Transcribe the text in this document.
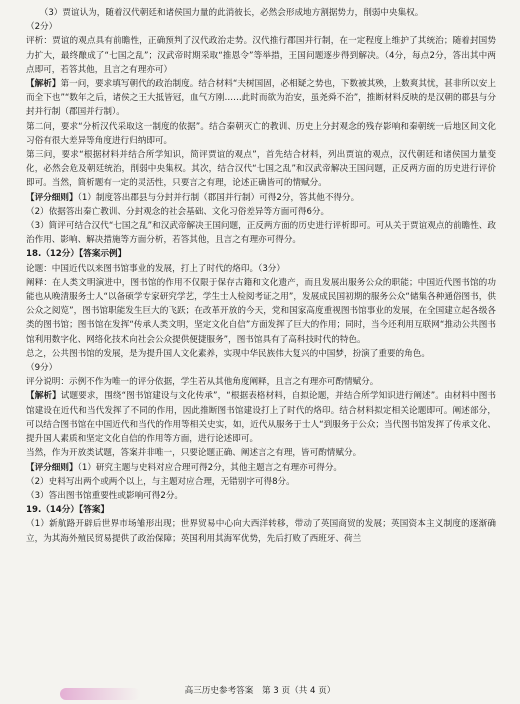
（3）贾谊认为，随着汉代朝廷和诸侯国力量的此消彼长，必然会形成地方割据势力，削弱中央集权。

（2分）

评析：贾谊的观点具有前瞻性，正确预判了汉代政治走势。汉代推行郡国并行制，在一定程度上维护了其统治；随着封国势力扩大，最终酿成了“七国之乱”；汉武帝时期采取“推恩令”等举措，王国问题逐步得到解决。（4分，每点2分，答出其中两点即可，若答其他，且言之有理亦可）

【解析】第一问，要求填写朝代的政治制度。结合材料“夫树国固，必相疑之势也，下数被其殃，上数爽其忧，甚非所以安上而全下也”“数年之后，诸侯之王大抵皆冠，血气方刚……此时而欲为治安，虽尧舜不治”，推断材料反映的是汉朝的郡县与分封并行制（郡国并行制）。

第二问，要求“分析汉代采取这一制度的依据”。结合秦朝灭亡的教训、历史上分封观念的残存影响和秦朝统一后地区间文化习俗有很大差异等角度进行归纳即可。

第三问，要求“根据材料并结合所学知识，简评贾谊的观点”，首先结合材料，列出贾谊的观点，汉代朝廷和诸侯国力量变化，必然会危及朝廷统治，削弱中央集权。其次，结合汉代“七国之乱”和汉武帝解决王国问题，正反两方面的历史进行评价即可。当然，简析题有一定的灵活性，只要言之有理，论述正确皆可的情赋分。

【评分细则】（1）制度答出郡县与分封并行制（郡国并行制）可得2分，答其他不得分。

（2）依据答出秦亡教训、分封观念的社会基础、文化习俗差异等方面可得6分。

（3）简评可结合汉代“七国之乱”和汉武帝解决王国问题，正反两方面的历史进行评析即可。可从关于贾谊观点的前瞻性、政治作用、影响、解决措施等方面分析，若答其他，且言之有理亦可得分。

18.（12分）【答案示例】

论题：中国近代以来图书馆事业的发展，打上了时代的烙印。（3分）

阐释：在人类文明演进中，图书馆的作用不仅限于保存古籍和文化遗产，而且发展出服务公众的职能；中国近代图书馆的功能也从晚清服务士人“以备硕学专家研究学艺，学生士人检阅考证之用”，发展成民国初期的服务公众“储集各种通俗图书，供公众之阅览”，图书馆职能发生巨大的飞跃；在改革开放的今天，党和国家高度重视图书馆事业的发展，在全国建立起各级各类的图书馆；图书馆在发挥“传承人类文明，坚定文化自信”方面发挥了巨大的作用；同时，当今还利用互联网“推动公共图书馆利用数字化、网络化技术向社会公众提供便捷服务”，图书馆具有了高科技时代的特色。

总之，公共图书馆的发展，是为提升国人文化素养，实现中华民族伟大复兴的中国梦，扮演了重要的角色。

（9分）

评分说明：示例不作为唯一的评分依据，学生若从其他角度阐释，且言之有理亦可酌情赋分。

【解析】试题要求，围绕“图书馆建设与文化传承”，“根据表格材料，自拟论题，并结合所学知识进行阐述”。由材料中图书馆建设在近代和当代发挥了不同的作用，因此推断图书馆建设打上了时代的烙印。结合材料拟定相关论题即可。阐述部分，可以结合图书馆在中国近代和当代的作用等相关史实，如，近代从服务于士人“到服务于公众；当代图书馆发挥了传承文化、提升国人素质和坚定文化自信的作用等方面，进行论述即可。

当然，作为开放类试题，答案并非唯一，只要论题正确、阐述言之有理，皆可酌情赋分。

【评分细则】（1）研究主题与史料对应合理可得2分，其他主题言之有理亦可得分。

（2）史料写出两个或两个以上，与主题对应合理，无错别字可得8分。

（3）答出图书馆重要性或影响可得2分。

19.（14分）【答案】

（1）新航路开辟后世界市场雏形出现；世界贸易中心向大西洋转移，带动了英国商贸的发展；英国资本主义制度的逐渐确立，为其海外殖民贸易提供了政治保障；英国利用其海军优势，先后打败了西班牙、荷兰

高三历史参考答案　第 3 页（共 4 页）
